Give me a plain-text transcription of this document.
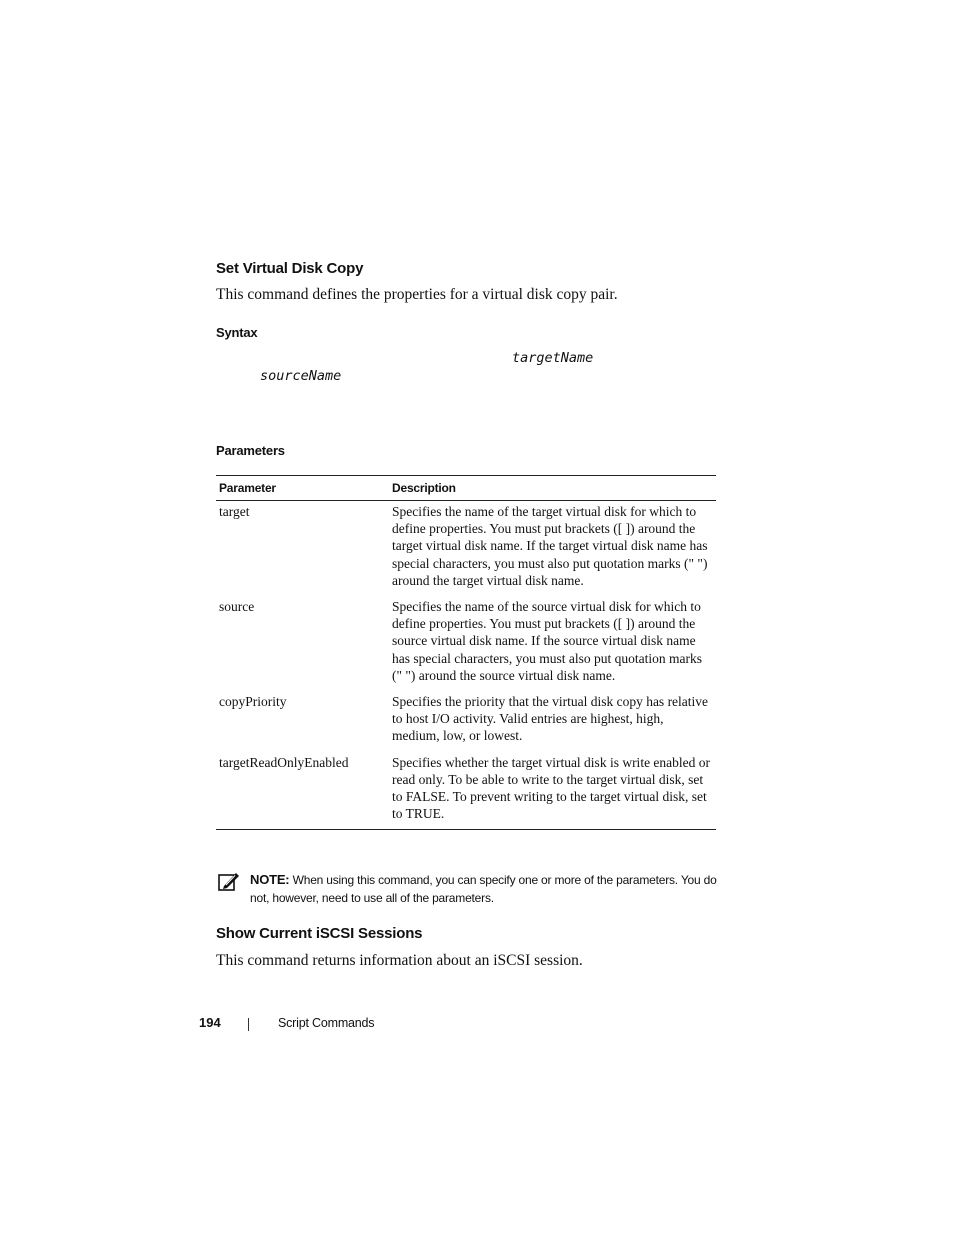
Set Virtual Disk Copy

This command defines the properties for a virtual disk copy pair.

Syntax
targetName
sourceName
Parameters
Parameter	Description
target	Specifies the name of the target virtual disk for which to define properties. You must put brackets ([ ]) around the target virtual disk name. If the target virtual disk name has special characters, you must also put quotation marks (" ") around the target virtual disk name.
source	Specifies the name of the source virtual disk for which to define properties. You must put brackets ([ ]) around the source virtual disk name. If the source virtual disk name has special characters, you must also put quotation marks (" ") around the source virtual disk name.
copyPriority	Specifies the priority that the virtual disk copy has relative to host I/O activity. Valid entries are highest, high, medium, low, or lowest.
targetReadOnlyEnabled	Specifies whether the target virtual disk is write enabled or read only. To be able to write to the target virtual disk, set to FALSE. To prevent writing to the target virtual disk, set to TRUE.
NOTE: When using this command, you can specify one or more of the parameters. You do not, however, need to use all of the parameters.
Show Current iSCSI Sessions

This command returns information about an iSCSI session.

194	Script Commands
